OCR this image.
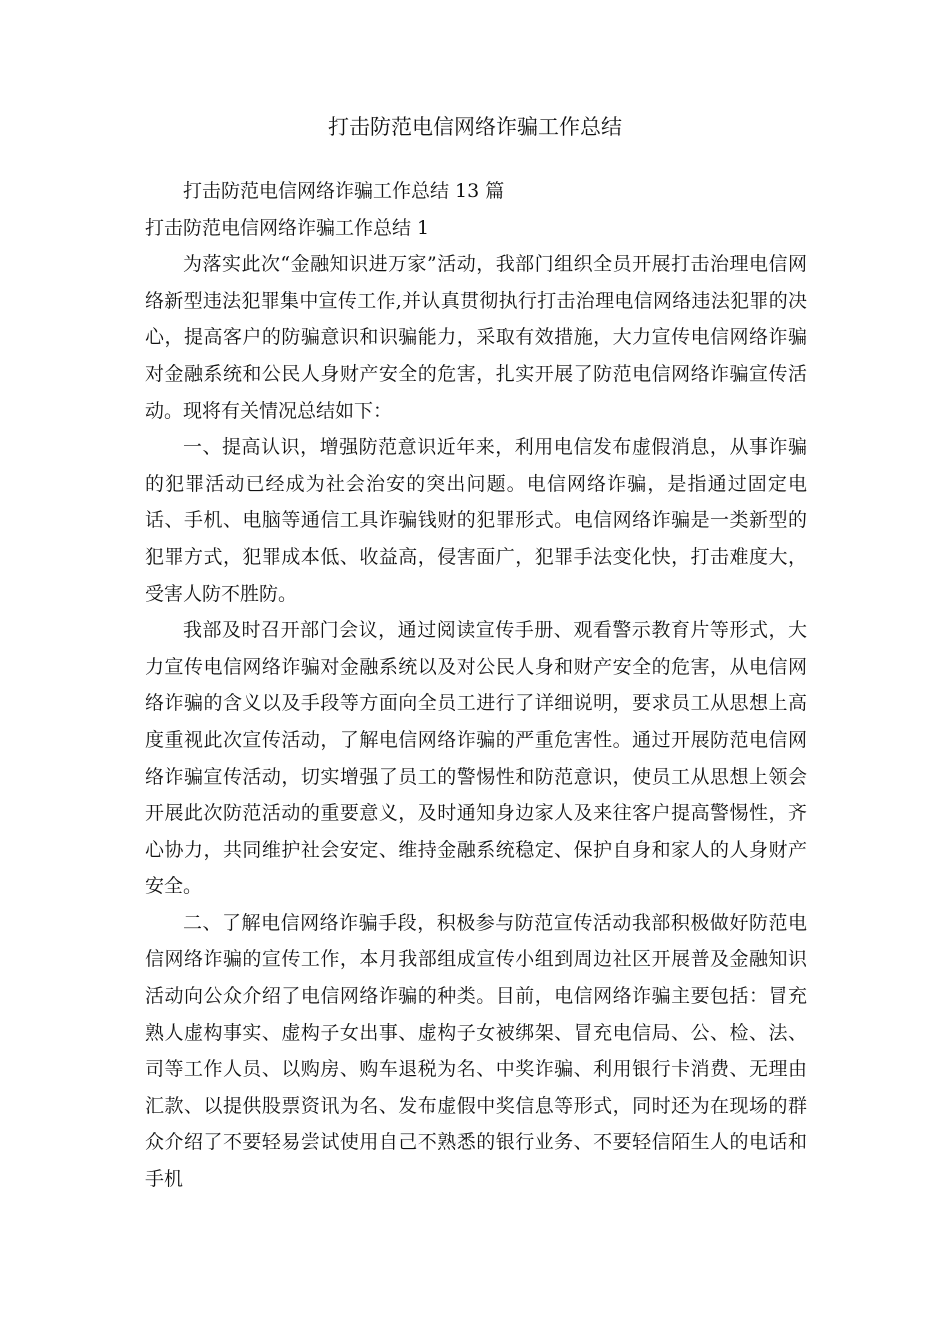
打击防范电信网络诈骗工作总结

打击防范电信网络诈骗工作总结 13 篇

打击防范电信网络诈骗工作总结 1

为落实此次“金融知识进万家”活动，我部门组织全员开展打击治理电信网络新型违法犯罪集中宣传工作,并认真贯彻执行打击治理电信网络违法犯罪的决心，提高客户的防骗意识和识骗能力，采取有效措施，大力宣传电信网络诈骗对金融系统和公民人身财产安全的危害，扎实开展了防范电信网络诈骗宣传活动。现将有关情况总结如下：

一、提高认识，增强防范意识近年来，利用电信发布虚假消息，从事诈骗的犯罪活动已经成为社会治安的突出问题。电信网络诈骗，是指通过固定电话、手机、电脑等通信工具诈骗钱财的犯罪形式。电信网络诈骗是一类新型的犯罪方式，犯罪成本低、收益高，侵害面广，犯罪手法变化快，打击难度大，受害人防不胜防。

我部及时召开部门会议，通过阅读宣传手册、观看警示教育片等形式，大力宣传电信网络诈骗对金融系统以及对公民人身和财产安全的危害，从电信网络诈骗的含义以及手段等方面向全员工进行了详细说明，要求员工从思想上高度重视此次宣传活动，了解电信网络诈骗的严重危害性。通过开展防范电信网络诈骗宣传活动，切实增强了员工的警惕性和防范意识，使员工从思想上领会开展此次防范活动的重要意义，及时通知身边家人及来往客户提高警惕性，齐心协力，共同维护社会安定、维持金融系统稳定、保护自身和家人的人身财产安全。

二、了解电信网络诈骗手段，积极参与防范宣传活动我部积极做好防范电信网络诈骗的宣传工作，本月我部组成宣传小组到周边社区开展普及金融知识活动向公众介绍了电信网络诈骗的种类。目前，电信网络诈骗主要包括：冒充熟人虚构事实、虚构子女出事、虚构子女被绑架、冒充电信局、公、检、法、司等工作人员、以购房、购车退税为名、中奖诈骗、利用银行卡消费、无理由汇款、以提供股票资讯为名、发布虚假中奖信息等形式，同时还为在现场的群众介绍了不要轻易尝试使用自己不熟悉的银行业务、不要轻信陌生人的电话和手机
